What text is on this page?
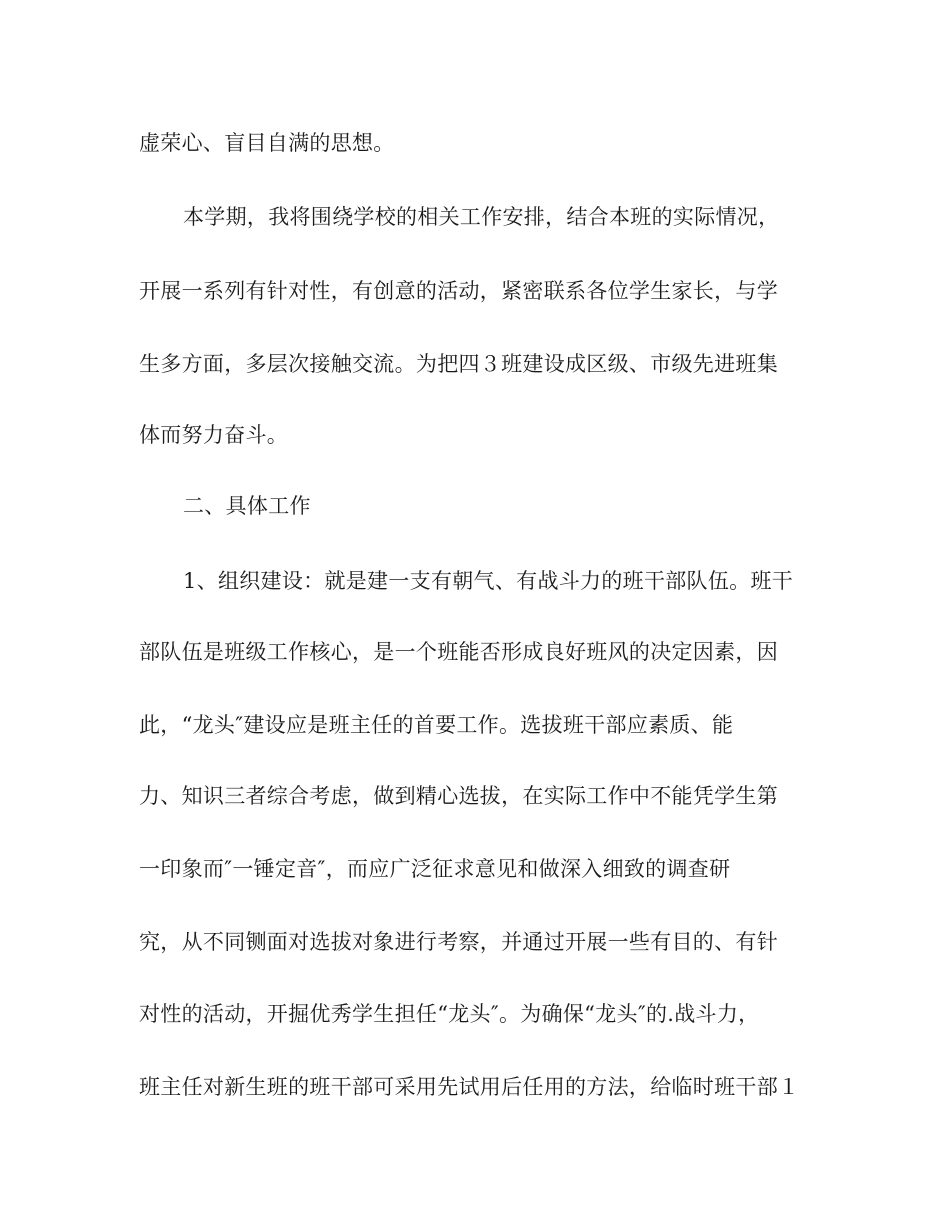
虚荣心、盲目自满的思想。
本学期，我将围绕学校的相关工作安排，结合本班的实际情况，
开展一系列有针对性，有创意的活动，紧密联系各位学生家长，与学
生多方面，多层次接触交流。为把四３班建设成区级、市级先进班集
体而努力奋斗。
二、具体工作
1、组织建设：就是建一支有朝气、有战斗力的班干部队伍。班干
部队伍是班级工作核心，是一个班能否形成良好班风的决定因素，因
此，“龙头″建设应是班主任的首要工作。选拔班干部应素质、能
力、知识三者综合考虑，做到精心选拔，在实际工作中不能凭学生第
一印象而″一锤定音″，而应广泛征求意见和做深入细致的调查研
究，从不同铡面对选拔对象进行考察，并通过开展一些有目的、有针
对性的活动，开掘优秀学生担任“龙头″。为确保“龙头″的.战斗力，
班主任对新生班的班干部可采用先试用后任用的方法，给临时班干部１
